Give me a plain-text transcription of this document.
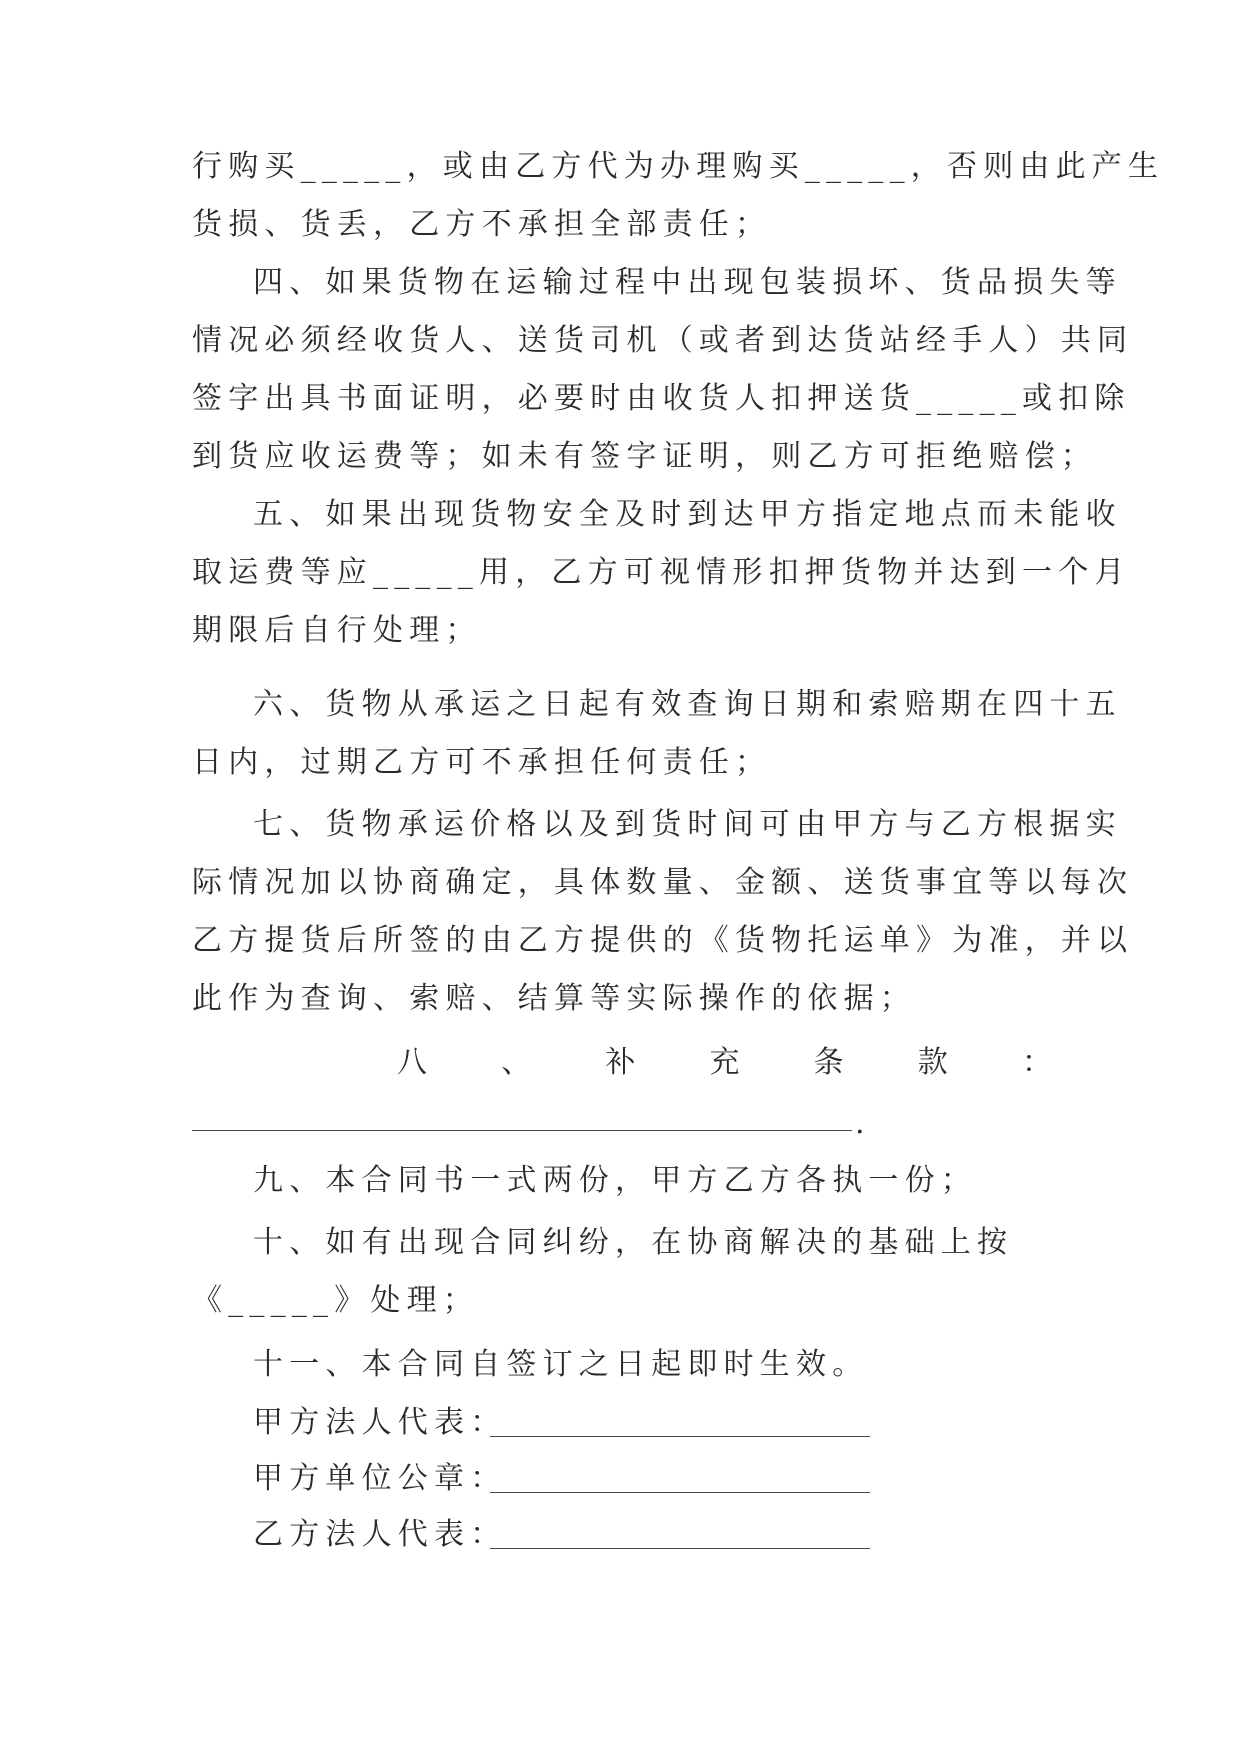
行购买_____，或由乙方代为办理购买_____，否则由此产生
货损、货丢，乙方不承担全部责任；
四、如果货物在运输过程中出现包装损坏、货品损失等
情况必须经收货人、送货司机（或者到达货站经手人）共同
签字出具书面证明，必要时由收货人扣押送货_____或扣除
到货应收运费等；如未有签字证明，则乙方可拒绝赔偿；
五、如果出现货物安全及时到达甲方指定地点而未能收
取运费等应_____用，乙方可视情形扣押货物并达到一个月
期限后自行处理；
六、货物从承运之日起有效查询日期和索赔期在四十五
日内，过期乙方可不承担任何责任；
七、货物承运价格以及到货时间可由甲方与乙方根据实
际情况加以协商确定，具体数量、金额、送货事宜等以每次
乙方提货后所签的由乙方提供的《货物托运单》为准，并以
此作为查询、索赔、结算等实际操作的依据；
八 、 补 充 条 款 ：
.
九、本合同书一式两份，甲方乙方各执一份；
十、如有出现合同纠纷，在协商解决的基础上按
《_____》处理；
十一、本合同自签订之日起即时生效。
甲方法人代表：
甲方单位公章：
乙方法人代表：
